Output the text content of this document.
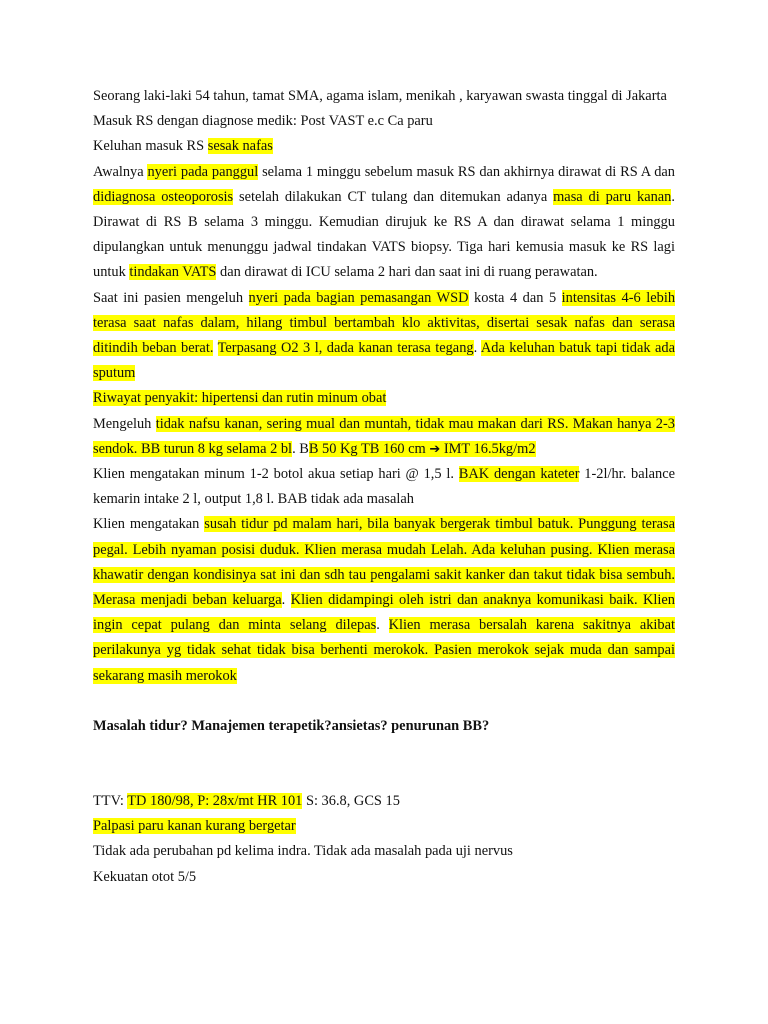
Seorang laki-laki 54 tahun, tamat SMA, agama islam, menikah , karyawan swasta tinggal di Jakarta

Masuk RS dengan diagnose medik: Post VAST e.c Ca paru

Keluhan masuk RS sesak nafas

Awalnya nyeri pada panggul selama 1 minggu sebelum masuk RS dan akhirnya dirawat di RS A dan didiagnosa osteoporosis setelah dilakukan CT tulang dan ditemukan adanya masa di paru kanan. Dirawat di RS B selama 3 minggu. Kemudian dirujuk ke RS A dan dirawat selama 1 minggu dipulangkan untuk menunggu jadwal tindakan VATS biopsy. Tiga hari kemusia masuk ke RS lagi untuk tindakan VATS dan dirawat di ICU selama 2 hari dan saat ini di ruang perawatan.

Saat ini pasien mengeluh nyeri pada bagian pemasangan WSD kosta 4 dan 5 intensitas 4-6 lebih terasa saat nafas dalam, hilang timbul bertambah klo aktivitas, disertai sesak nafas dan serasa ditindih beban berat. Terpasang O2 3 l, dada kanan terasa tegang. Ada keluhan batuk tapi tidak ada sputum

Riwayat penyakit: hipertensi dan rutin minum obat

Mengeluh tidak nafsu kanan, sering mual dan muntah, tidak mau makan dari RS. Makan hanya 2-3 sendok. BB turun 8 kg selama 2 bl. BB 50 Kg TB 160 cm ➔ IMT 16.5kg/m2

Klien mengatakan minum 1-2 botol akua setiap hari @ 1,5 l. BAK dengan kateter 1-2l/hr. balance kemarin intake 2 l, output 1,8 l. BAB tidak ada masalah

Klien mengatakan susah tidur pd malam hari, bila banyak bergerak timbul batuk. Punggung terasa pegal. Lebih nyaman posisi duduk. Klien merasa mudah Lelah. Ada keluhan pusing. Klien merasa khawatir dengan kondisinya sat ini dan sdh tau pengalami sakit kanker dan takut tidak bisa sembuh. Merasa menjadi beban keluarga. Klien didampingi oleh istri dan anaknya komunikasi baik. Klien ingin cepat pulang dan minta selang dilepas. Klien merasa bersalah karena sakitnya akibat perilakunya yg tidak sehat tidak bisa berhenti merokok. Pasien merokok sejak muda dan sampai sekarang masih merokok

Masalah tidur? Manajemen terapetik?ansietas? penurunan BB?

TTV: TD 180/98, P: 28x/mt HR 101 S: 36.8, GCS 15

Palpasi paru kanan kurang bergetar

Tidak ada perubahan pd kelima indra. Tidak ada masalah pada uji nervus

Kekuatan otot 5/5
